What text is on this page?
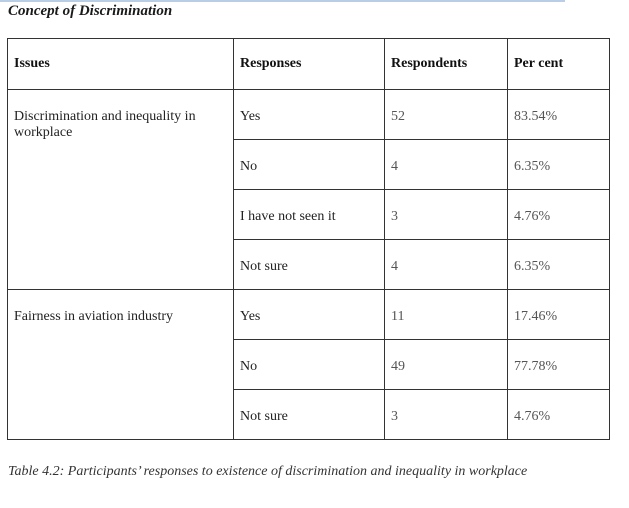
Concept of Discrimination
Issues	Responses	Respondents	Per cent
Discrimination and inequality in workplace	Yes	52	83.54%
	No	4	6.35%
	I have not seen it	3	4.76%
	Not sure	4	6.35%
Fairness in aviation industry	Yes	11	17.46%
	No	49	77.78%
	Not sure	3	4.76%
Table 4.2: Participants’ responses to existence of discrimination and inequality in workplace
